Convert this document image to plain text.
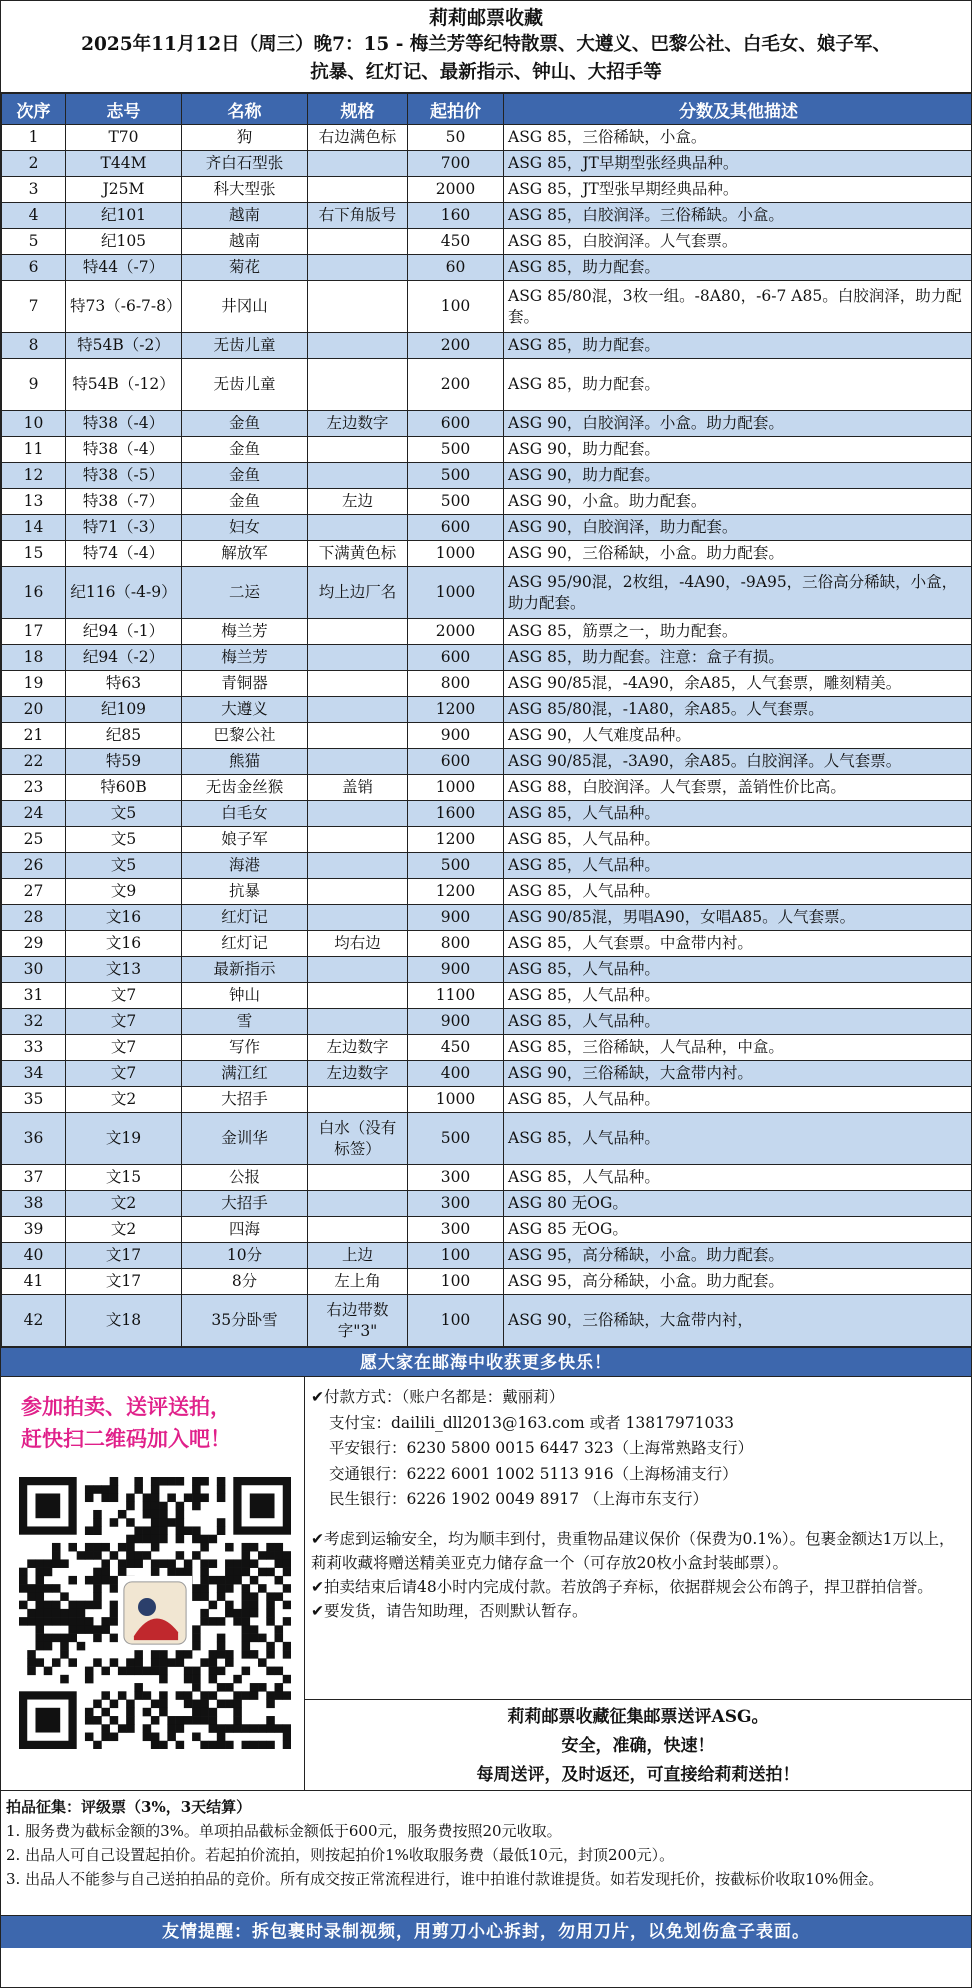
莉莉邮票收藏
2025年11月12日（周三）晚7：15 - 梅兰芳等纪特散票、大遵义、巴黎公社、白毛女、娘子军、
抗暴、红灯记、最新指示、钟山、大招手等
次序	志号	名称	规格	起拍价	分数及其他描述
1	T70	狗	右边满色标	50	ASG 85，三俗稀缺，小盒。
2	T44M	齐白石型张		700	ASG 85，JT早期型张经典品种。
3	J25M	科大型张		2000	ASG 85，JT型张早期经典品种。
4	纪101	越南	右下角版号	160	ASG 85，白胶润泽。三俗稀缺。小盒。
5	纪105	越南		450	ASG 85，白胶润泽。人气套票。
6	特44（-7）	菊花		60	ASG 85，助力配套。
7	特73（-6-7-8）	井冈山		100	ASG 85/80混，3枚一组。-8A80，-6-7 A85。白胶润泽，助力配套。
8	特54B（-2）	无齿儿童		200	ASG 85，助力配套。
9	特54B（-12）	无齿儿童		200	ASG 85，助力配套。
10	特38（-4）	金鱼	左边数字	600	ASG 90，白胶润泽。小盒。助力配套。
11	特38（-4）	金鱼		500	ASG 90，助力配套。
12	特38（-5）	金鱼		500	ASG 90，助力配套。
13	特38（-7）	金鱼	左边	500	ASG 90，小盒。助力配套。
14	特71（-3）	妇女		600	ASG 90，白胶润泽，助力配套。
15	特74（-4）	解放军	下满黄色标	1000	ASG 90，三俗稀缺，小盒。助力配套。
16	纪116（-4-9）	二运	均上边厂名	1000	ASG 95/90混，2枚组，-4A90，-9A95，三俗高分稀缺，小盒，助力配套。
17	纪94（-1）	梅兰芳		2000	ASG 85，筋票之一，助力配套。
18	纪94（-2）	梅兰芳		600	ASG 85，助力配套。注意：盒子有损。
19	特63	青铜器		800	ASG 90/85混，-4A90，余A85，人气套票，雕刻精美。
20	纪109	大遵义		1200	ASG 85/80混，-1A80，余A85。人气套票。
21	纪85	巴黎公社		900	ASG 90，人气难度品种。
22	特59	熊猫		600	ASG 90/85混，-3A90，余A85。白胶润泽。人气套票。
23	特60B	无齿金丝猴	盖销	1000	ASG 88，白胶润泽。人气套票，盖销性价比高。
24	文5	白毛女		1600	ASG 85，人气品种。
25	文5	娘子军		1200	ASG 85，人气品种。
26	文5	海港		500	ASG 85，人气品种。
27	文9	抗暴		1200	ASG 85，人气品种。
28	文16	红灯记		900	ASG 90/85混，男唱A90，女唱A85。人气套票。
29	文16	红灯记	均右边	800	ASG 85，人气套票。中盒带内衬。
30	文13	最新指示		900	ASG 85，人气品种。
31	文7	钟山		1100	ASG 85，人气品种。
32	文7	雪		900	ASG 85，人气品种。
33	文7	写作	左边数字	450	ASG 85，三俗稀缺，人气品种，中盒。
34	文7	满江红	左边数字	400	ASG 90，三俗稀缺，大盒带内衬。
35	文2	大招手		1000	ASG 85，人气品种。
36	文19	金训华	白水（没有标签）	500	ASG 85，人气品种。
37	文15	公报		300	ASG 85，人气品种。
38	文2	大招手		300	ASG 80 无OG。
39	文2	四海		300	ASG 85 无OG。
40	文17	10分	上边	100	ASG 95，高分稀缺，小盒。助力配套。
41	文17	8分	左上角	100	ASG 95，高分稀缺，小盒。助力配套。
42	文18	35分卧雪	右边带数字"3"	100	ASG 90，三俗稀缺，大盒带内衬，
愿大家在邮海中收获更多快乐！
参加拍卖、送评送拍，
赶快扫二维码加入吧！
✔付款方式：（账户名都是：戴丽莉）
支付宝：dailili_dll2013@163.com 或者 13817971033
平安银行：6230 5800 0015 6447 323（上海常熟路支行）
交通银行：6222 6001 1002 5113 916（上海杨浦支行）
民生银行：6226 1902 0049 8917 （上海市东支行）
✔考虑到运输安全，均为顺丰到付，贵重物品建议保价（保费为0.1%）。包裹金额达1万以上，莉莉收藏将赠送精美亚克力储存盒一个（可存放20枚小盒封装邮票）。
✔拍卖结束后请48小时内完成付款。若放鸽子弃标，依据群规会公布鸽子，捍卫群拍信誉。
✔要发货，请告知助理，否则默认暂存。
莉莉邮票收藏征集邮票送评ASG。
安全，准确，快速！
每周送评，及时返还，可直接给莉莉送拍！
拍品征集：评级票（3%，3天结算）
1. 服务费为截标金额的3%。单项拍品截标金额低于600元，服务费按照20元收取。
2. 出品人可自己设置起拍价。若起拍价流拍，则按起拍价1%收取服务费（最低10元，封顶200元）。
3. 出品人不能参与自己送拍拍品的竞价。所有成交按正常流程进行，谁中拍谁付款谁提货。如若发现托价，按截标价收取10%佣金。
友情提醒：拆包裹时录制视频，用剪刀小心拆封，勿用刀片，以免划伤盒子表面。
